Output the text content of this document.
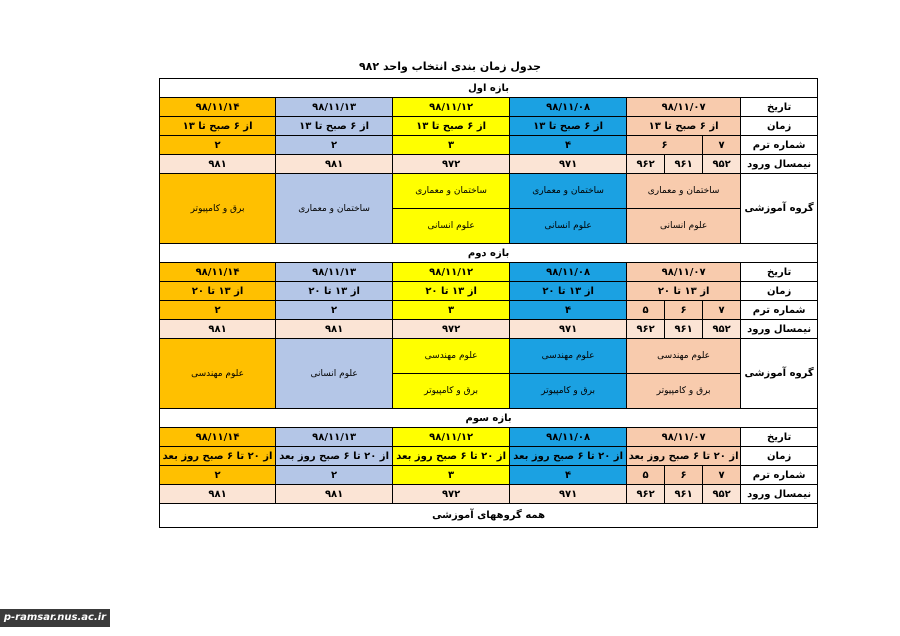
جدول زمان بندی انتخاب واحد ۹۸۲
بازه اول							
تاریخ	۹۸/۱۱/۰۷			۹۸/۱۱/۰۸	۹۸/۱۱/۱۲	۹۸/۱۱/۱۳	۹۸/۱۱/۱۴
زمان	از ۶ صبح تا ۱۳			از ۶ صبح تا ۱۳	از ۶ صبح تا ۱۳	از ۶ صبح تا ۱۳	از ۶ صبح تا ۱۳
شماره ترم	۷	۶		۴	۳	۲	۲
نیمسال ورود	۹۵۲	۹۶۱	۹۶۲	۹۷۱	۹۷۲	۹۸۱	۹۸۱
گروه آموزشی	ساختمان و معماری			ساختمان و معماری	ساختمان و معماری	ساختمان و معماری	برق و کامپیوتر
	علوم انسانی			علوم انسانی	علوم انسانی		
بازه دوم							
تاریخ	۹۸/۱۱/۰۷			۹۸/۱۱/۰۸	۹۸/۱۱/۱۲	۹۸/۱۱/۱۳	۹۸/۱۱/۱۴
زمان	از ۱۳ تا ۲۰			از ۱۳ تا ۲۰	از ۱۳ تا ۲۰	از ۱۳ تا ۲۰	از ۱۳ تا ۲۰
شماره ترم	۷	۶	۵	۴	۳	۲	۲
نیمسال ورود	۹۵۲	۹۶۱	۹۶۲	۹۷۱	۹۷۲	۹۸۱	۹۸۱
گروه آموزشی	علوم مهندسی			علوم مهندسی	علوم مهندسی	علوم انسانی	علوم مهندسی
	برق و کامپیوتر			برق و کامپیوتر	برق و کامپیوتر		
بازه سوم							
تاریخ	۹۸/۱۱/۰۷			۹۸/۱۱/۰۸	۹۸/۱۱/۱۲	۹۸/۱۱/۱۳	۹۸/۱۱/۱۴
زمان	از ۲۰ تا ۶ صبح روز بعد			از ۲۰ تا ۶ صبح روز بعد	از ۲۰ تا ۶ صبح روز بعد	از ۲۰ تا ۶ صبح روز بعد	از ۲۰ تا ۶ صبح روز بعد
شماره ترم	۷	۶	۵	۴	۳	۲	۲
نیمسال ورود	۹۵۲	۹۶۱	۹۶۲	۹۷۱	۹۷۲	۹۸۱	۹۸۱
همه گروههای آموزشی							
p-ramsar.nus.ac.ir
